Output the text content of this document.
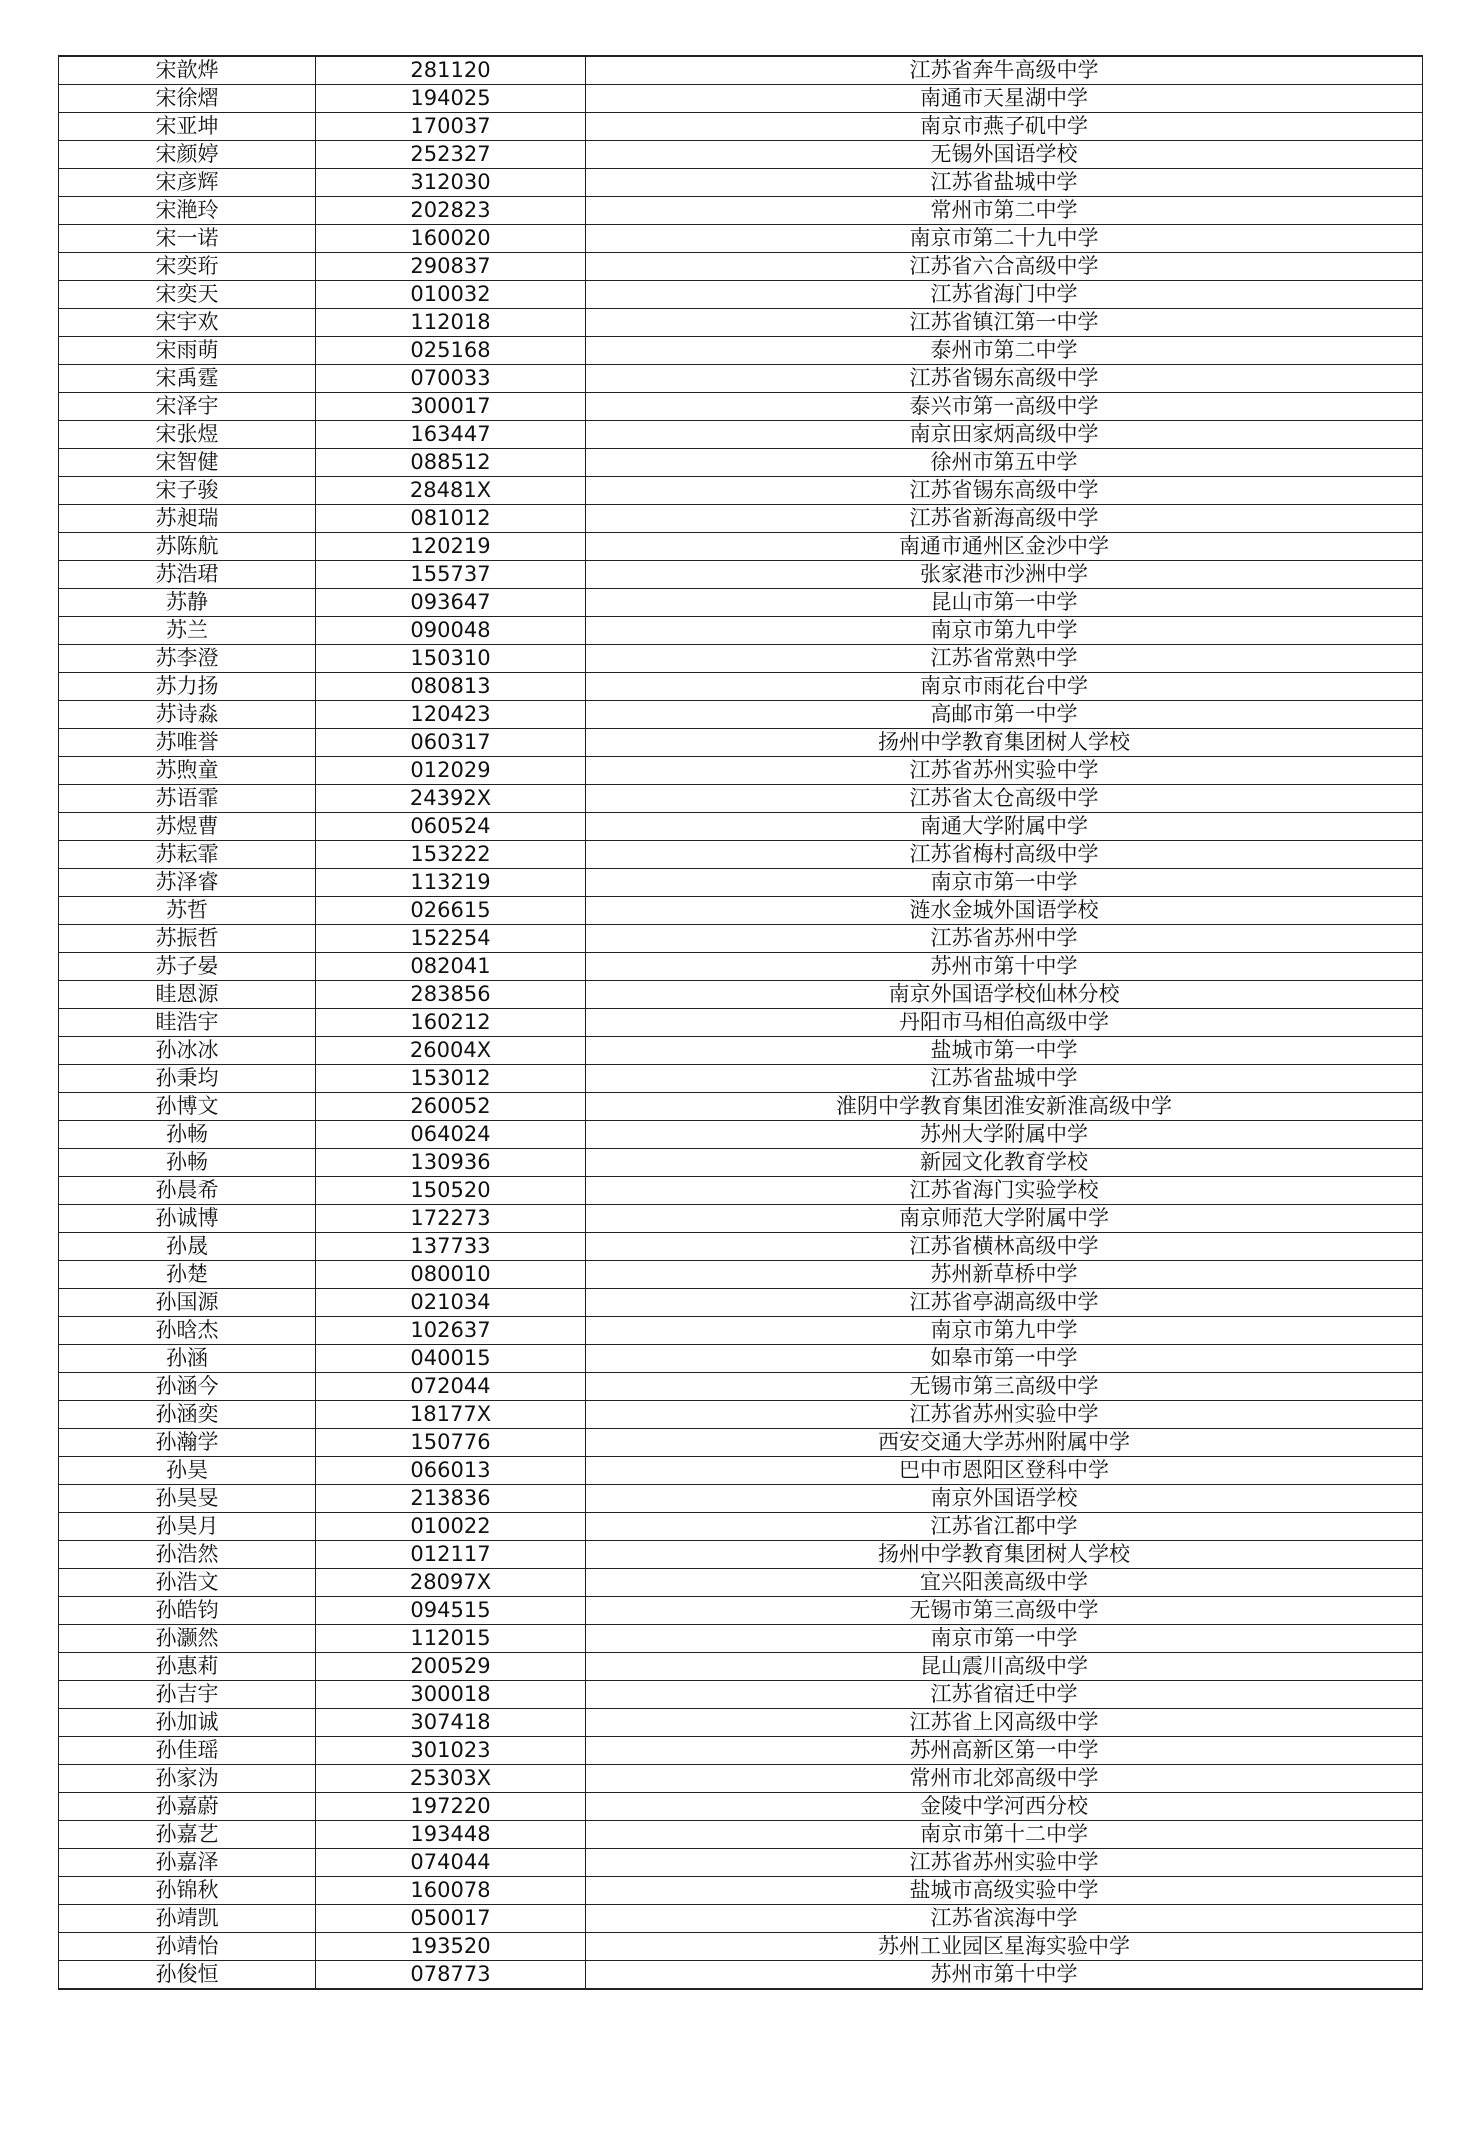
宋歆烨	281120	江苏省奔牛高级中学
宋徐熠	194025	南通市天星湖中学
宋亚坤	170037	南京市燕子矶中学
宋颜婷	252327	无锡外国语学校
宋彦辉	312030	江苏省盐城中学
宋滟玲	202823	常州市第二中学
宋一诺	160020	南京市第二十九中学
宋奕珩	290837	江苏省六合高级中学
宋奕天	010032	江苏省海门中学
宋宇欢	112018	江苏省镇江第一中学
宋雨萌	025168	泰州市第二中学
宋禹霆	070033	江苏省锡东高级中学
宋泽宇	300017	泰兴市第一高级中学
宋张煜	163447	南京田家炳高级中学
宋智健	088512	徐州市第五中学
宋子骏	28481X	江苏省锡东高级中学
苏昶瑞	081012	江苏省新海高级中学
苏陈航	120219	南通市通州区金沙中学
苏浩珺	155737	张家港市沙洲中学
苏静	093647	昆山市第一中学
苏兰	090048	南京市第九中学
苏李澄	150310	江苏省常熟中学
苏力扬	080813	南京市雨花台中学
苏诗淼	120423	高邮市第一中学
苏唯誉	060317	扬州中学教育集团树人学校
苏煦童	012029	江苏省苏州实验中学
苏语霏	24392X	江苏省太仓高级中学
苏煜曹	060524	南通大学附属中学
苏耘霏	153222	江苏省梅村高级中学
苏泽睿	113219	南京市第一中学
苏哲	026615	涟水金城外国语学校
苏振哲	152254	江苏省苏州中学
苏子晏	082041	苏州市第十中学
眭恩源	283856	南京外国语学校仙林分校
眭浩宇	160212	丹阳市马相伯高级中学
孙冰冰	26004X	盐城市第一中学
孙秉均	153012	江苏省盐城中学
孙博文	260052	淮阴中学教育集团淮安新淮高级中学
孙畅	064024	苏州大学附属中学
孙畅	130936	新园文化教育学校
孙晨希	150520	江苏省海门实验学校
孙诚博	172273	南京师范大学附属中学
孙晟	137733	江苏省横林高级中学
孙楚	080010	苏州新草桥中学
孙国源	021034	江苏省亭湖高级中学
孙晗杰	102637	南京市第九中学
孙涵	040015	如皋市第一中学
孙涵今	072044	无锡市第三高级中学
孙涵奕	18177X	江苏省苏州实验中学
孙瀚学	150776	西安交通大学苏州附属中学
孙昊	066013	巴中市恩阳区登科中学
孙昊旻	213836	南京外国语学校
孙昊月	010022	江苏省江都中学
孙浩然	012117	扬州中学教育集团树人学校
孙浩文	28097X	宜兴阳羡高级中学
孙皓钧	094515	无锡市第三高级中学
孙灏然	112015	南京市第一中学
孙惠莉	200529	昆山震川高级中学
孙吉宇	300018	江苏省宿迁中学
孙加诚	307418	江苏省上冈高级中学
孙佳瑶	301023	苏州高新区第一中学
孙家沩	25303X	常州市北郊高级中学
孙嘉蔚	197220	金陵中学河西分校
孙嘉艺	193448	南京市第十二中学
孙嘉泽	074044	江苏省苏州实验中学
孙锦秋	160078	盐城市高级实验中学
孙靖凯	050017	江苏省滨海中学
孙靖怡	193520	苏州工业园区星海实验中学
孙俊恒	078773	苏州市第十中学
